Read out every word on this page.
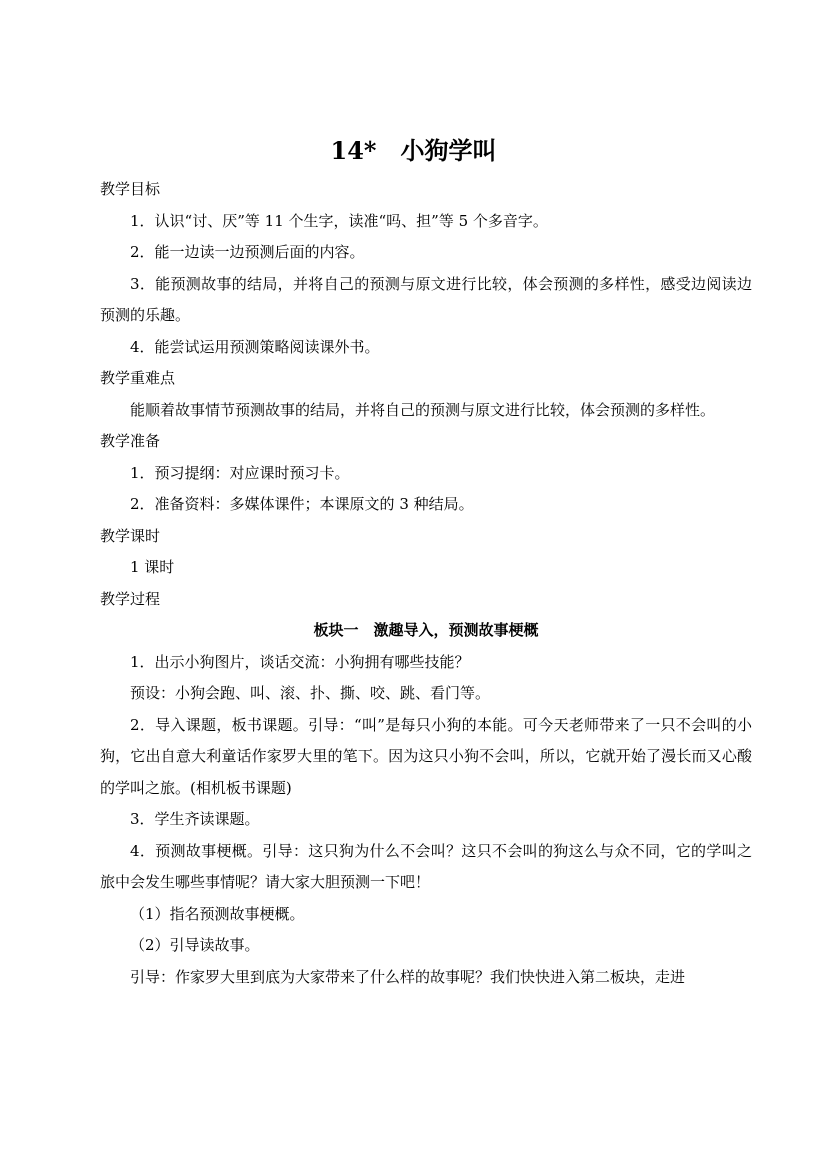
14*　小狗学叫

教学目标

1．认识“讨、厌”等 11 个生字，读准“吗、担”等 5 个多音字。

2．能一边读一边预测后面的内容。

3．能预测故事的结局，并将自己的预测与原文进行比较，体会预测的多样性，感受边阅读边预测的乐趣。

4．能尝试运用预测策略阅读课外书。

教学重难点

能顺着故事情节预测故事的结局，并将自己的预测与原文进行比较，体会预测的多样性。

教学准备

1．预习提纲：对应课时预习卡。

2．准备资料：多媒体课件；本课原文的 3 种结局。

教学课时

1 课时

教学过程

板块一　激趣导入，预测故事梗概

1．出示小狗图片，谈话交流：小狗拥有哪些技能？

预设：小狗会跑、叫、滚、扑、撕、咬、跳、看门等。

2．导入课题，板书课题。引导：“叫”是每只小狗的本能。可今天老师带来了一只不会叫的小狗，它出自意大利童话作家罗大里的笔下。因为这只小狗不会叫，所以，它就开始了漫长而又心酸的学叫之旅。(相机板书课题)

3．学生齐读课题。

4．预测故事梗概。引导：这只狗为什么不会叫？这只不会叫的狗这么与众不同，它的学叫之旅中会发生哪些事情呢？请大家大胆预测一下吧！

（1）指名预测故事梗概。

（2）引导读故事。

引导：作家罗大里到底为大家带来了什么样的故事呢？我们快快进入第二板块，走进
